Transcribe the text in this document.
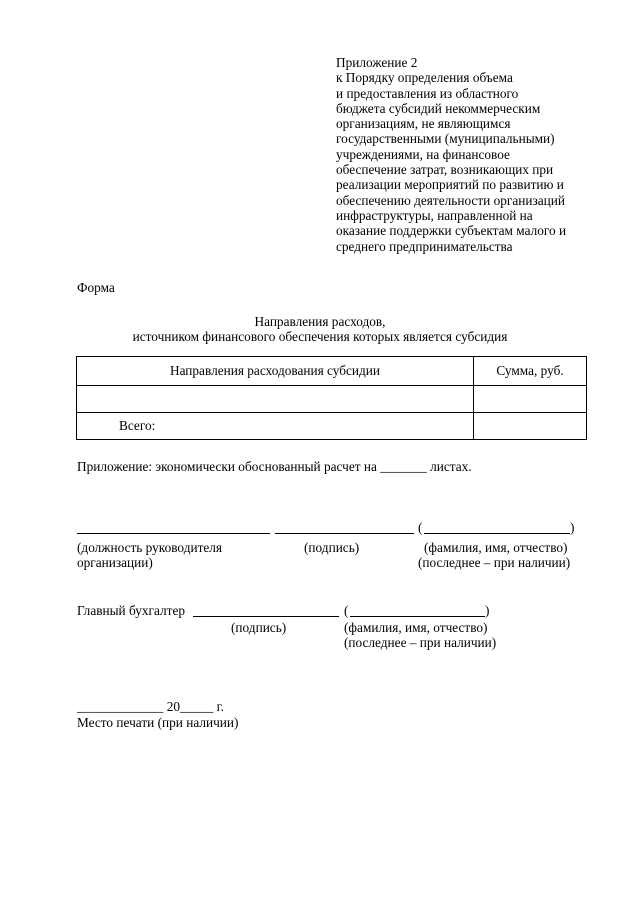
Приложение 2
к Порядку определения объема
и предоставления из областного
бюджета субсидий некоммерческим
организациям, не являющимся
государственными (муниципальными)
учреждениями, на финансовое
обеспечение затрат, возникающих при
реализации мероприятий по развитию и
обеспечению деятельности организаций
инфраструктуры, направленной на
оказание поддержки субъектам малого и
среднего предпринимательства
Форма
Направления расходов,
источником финансового обеспечения которых является субсидия
Направления расходования субсидии	Сумма, руб.

Всего:	
Приложение: экономически обоснованный расчет на _______ листах.
(	)
(должность руководителя
организации)
(подпись)	(фамилия, имя, отчество)
(последнее – при наличии)
Главный бухгалтер	(	)
(подпись)	(фамилия, имя, отчество)
(последнее – при наличии)
_____________ 20_____ г.
Место печати (при наличии)
